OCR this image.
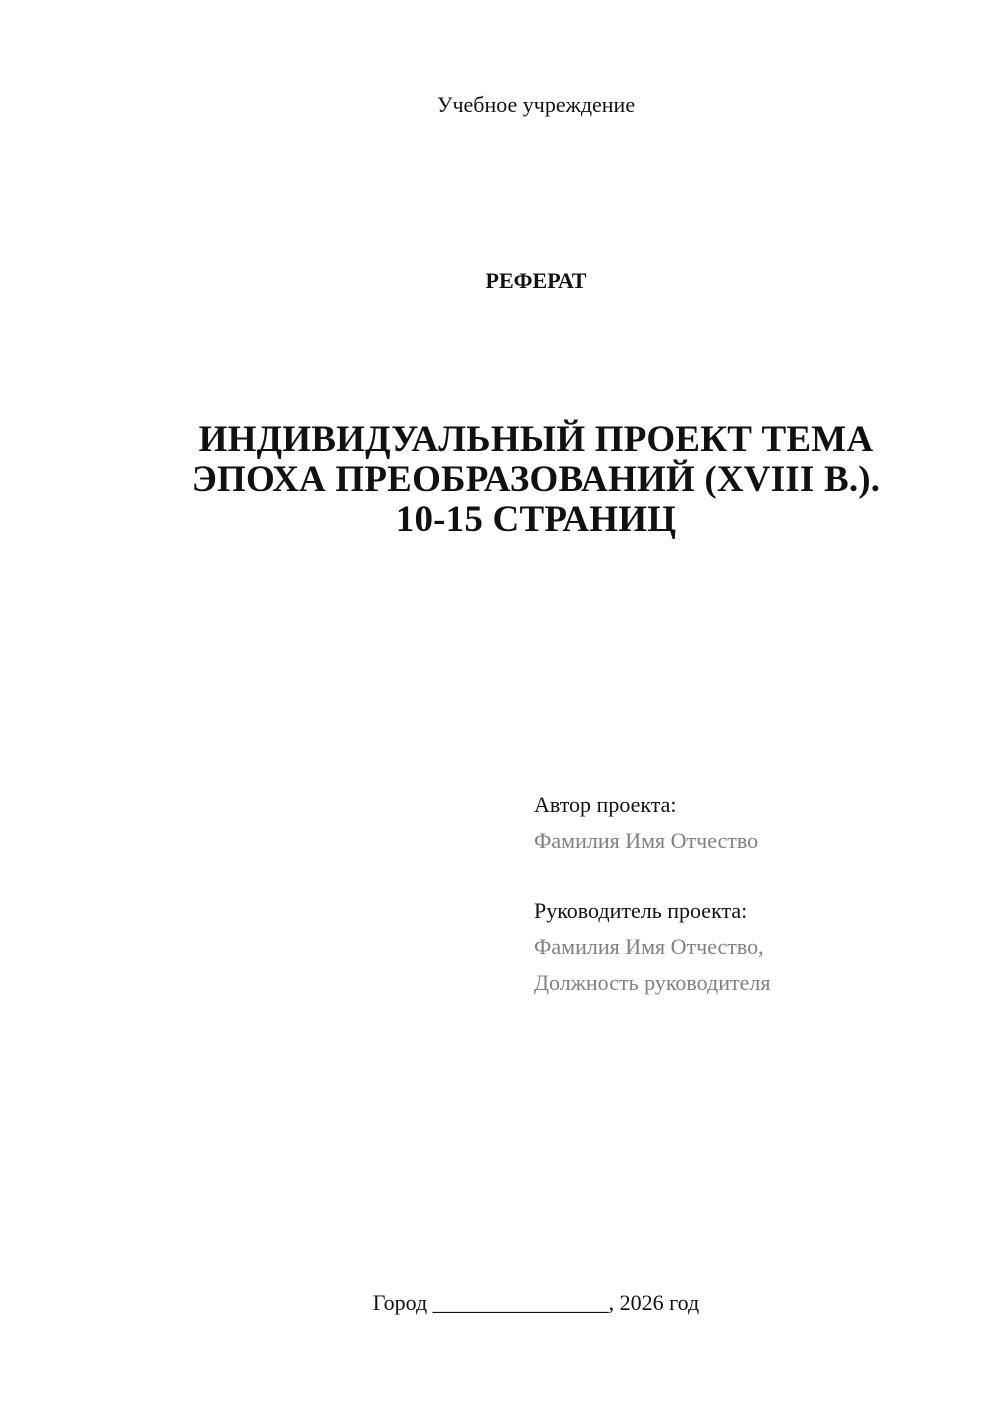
Учебное учреждение
РЕФЕРАТ
ИНДИВИДУАЛЬНЫЙ ПРОЕКТ ТЕМА
ЭПОХА ПРЕОБРАЗОВАНИЙ (XVIII В.).
10-15 СТРАНИЦ
Автор проекта:
Фамилия Имя Отчество
Руководитель проекта:
Фамилия Имя Отчество,
Должность руководителя
Город ________________, 2026 год
